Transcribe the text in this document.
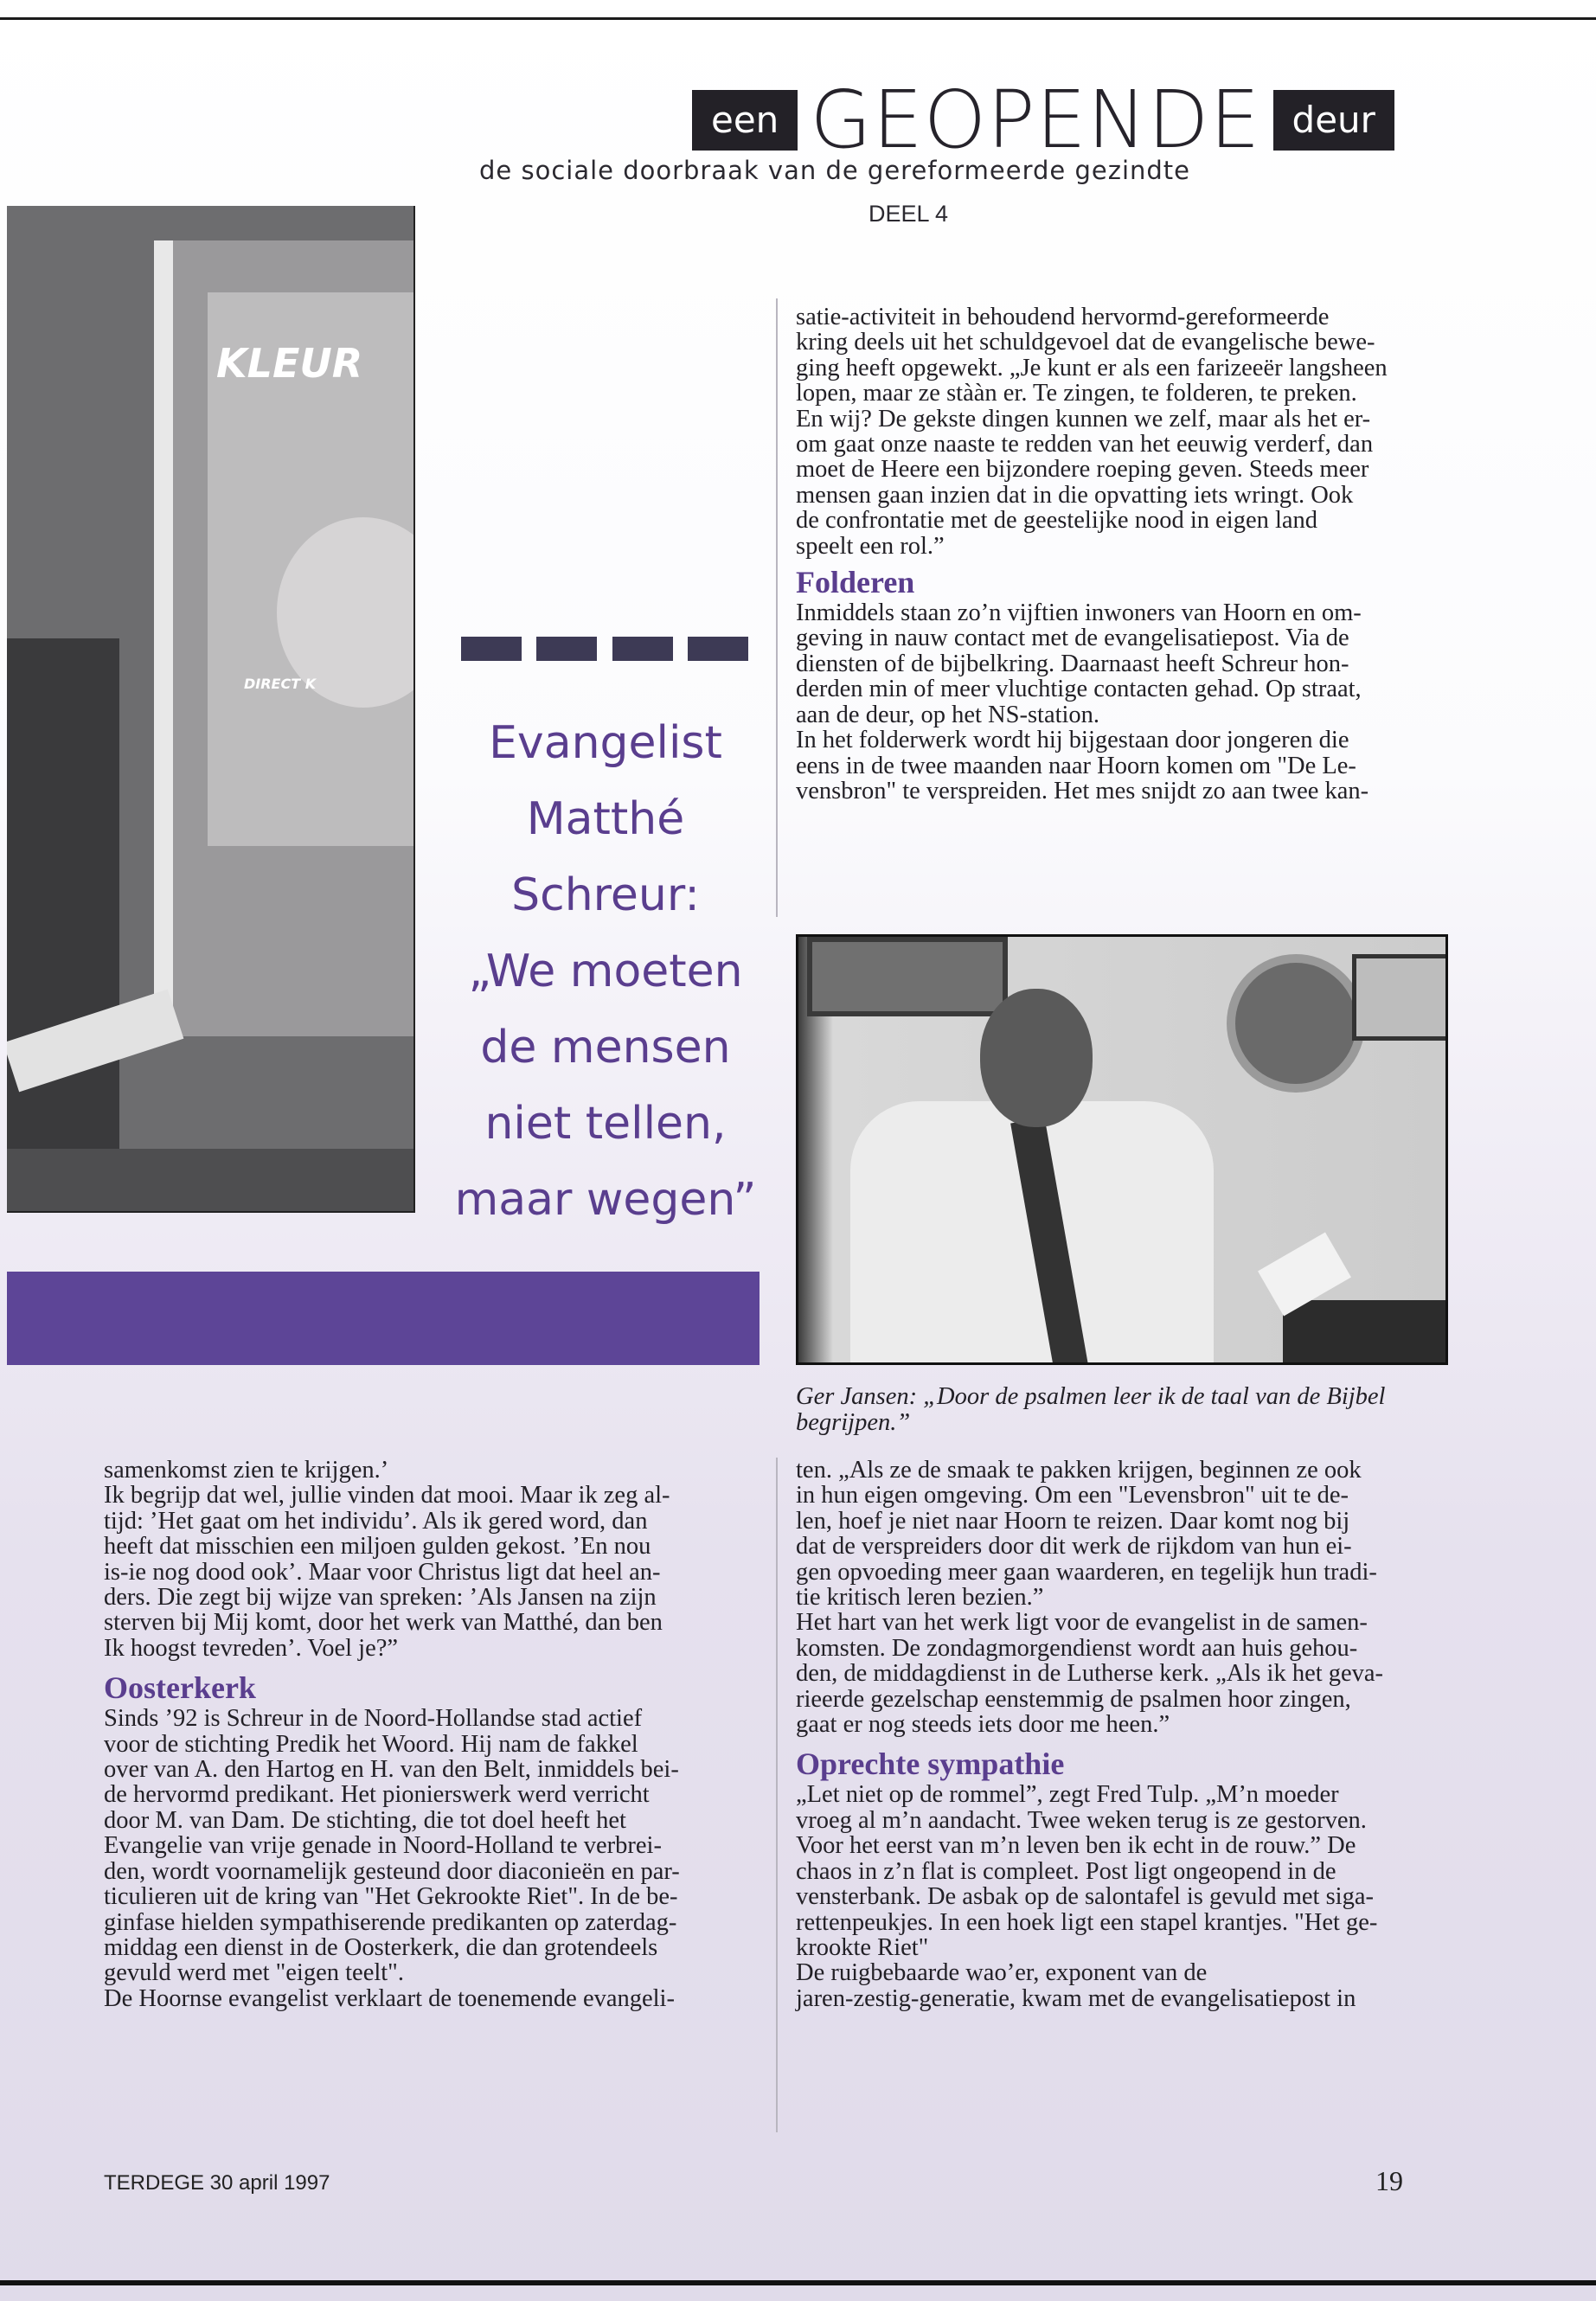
een GEOPENDE deur
de sociale doorbraak van de gereformeerde gezindte
DEEL 4
KLEUR
DIRECT K
Evangelist
Matthé
Schreur:
„We moeten
de mensen
niet tellen,
maar wegen”

satie-activiteit in behoudend hervormd-gereformeerde

kring deels uit het schuldgevoel dat de evangelische bewe-

ging heeft opgewekt. „Je kunt er als een farizeeër langsheen

lopen, maar ze stààn er. Te zingen, te folderen, te preken.

En wij? De gekste dingen kunnen we zelf, maar als het er-

om gaat onze naaste te redden van het eeuwig verderf, dan

moet de Heere een bijzondere roeping geven. Steeds meer

mensen gaan inzien dat in die opvatting iets wringt. Ook

de confrontatie met de geestelijke nood in eigen land

speelt een rol.”

Folderen

Inmiddels staan zo’n vijftien inwoners van Hoorn en om-

geving in nauw contact met de evangelisatiepost. Via de

diensten of de bijbelkring. Daarnaast heeft Schreur hon-

derden min of meer vluchtige contacten gehad. Op straat,

aan de deur, op het NS-station.

In het folderwerk wordt hij bijgestaan door jongeren die

eens in de twee maanden naar Hoorn komen om "De Le-

vensbron" te verspreiden. Het mes snijdt zo aan twee kan-

Ger Jansen: „Door de psalmen leer ik de taal van de Bijbel

begrijpen.”

samenkomst zien te krijgen.’

Ik begrijp dat wel, jullie vinden dat mooi. Maar ik zeg al-

tijd: ’Het gaat om het individu’. Als ik gered word, dan

heeft dat misschien een miljoen gulden gekost. ’En nou

is-ie nog dood ook’. Maar voor Christus ligt dat heel an-

ders. Die zegt bij wijze van spreken: ’Als Jansen na zijn

sterven bij Mij komt, door het werk van Matthé, dan ben

Ik hoogst tevreden’. Voel je?”

Oosterkerk

Sinds ’92 is Schreur in de Noord-Hollandse stad actief

voor de stichting Predik het Woord. Hij nam de fakkel

over van A. den Hartog en H. van den Belt, inmiddels bei-

de hervormd predikant. Het pionierswerk werd verricht

door M. van Dam. De stichting, die tot doel heeft het

Evangelie van vrije genade in Noord-Holland te verbrei-

den, wordt voornamelijk gesteund door diaconieën en par-

ticulieren uit de kring van "Het Gekrookte Riet". In de be-

ginfase hielden sympathiserende predikanten op zaterdag-

middag een dienst in de Oosterkerk, die dan grotendeels

gevuld werd met "eigen teelt".

De Hoornse evangelist verklaart de toenemende evangeli-

ten. „Als ze de smaak te pakken krijgen, beginnen ze ook

in hun eigen omgeving. Om een "Levensbron" uit te de-

len, hoef je niet naar Hoorn te reizen. Daar komt nog bij

dat de verspreiders door dit werk de rijkdom van hun ei-

gen opvoeding meer gaan waarderen, en tegelijk hun tradi-

tie kritisch leren bezien.”

Het hart van het werk ligt voor de evangelist in de samen-

komsten. De zondagmorgendienst wordt aan huis gehou-

den, de middagdienst in de Lutherse kerk. „Als ik het geva-

rieerde gezelschap eenstemmig de psalmen hoor zingen,

gaat er nog steeds iets door me heen.”

Oprechte sympathie

„Let niet op de rommel”, zegt Fred Tulp. „M’n moeder

vroeg al m’n aandacht. Twee weken terug is ze gestorven.

Voor het eerst van m’n leven ben ik echt in de rouw.” De

chaos in z’n flat is compleet. Post ligt ongeopend in de

vensterbank. De asbak op de salontafel is gevuld met siga-

rettenpeukjes. In een hoek ligt een stapel krantjes. "Het ge-

krookte Riet"

De ruigbebaarde wao’er, exponent van de

jaren-zestig-generatie, kwam met de evangelisatiepost in

TERDEGE 30 april 1997	19
